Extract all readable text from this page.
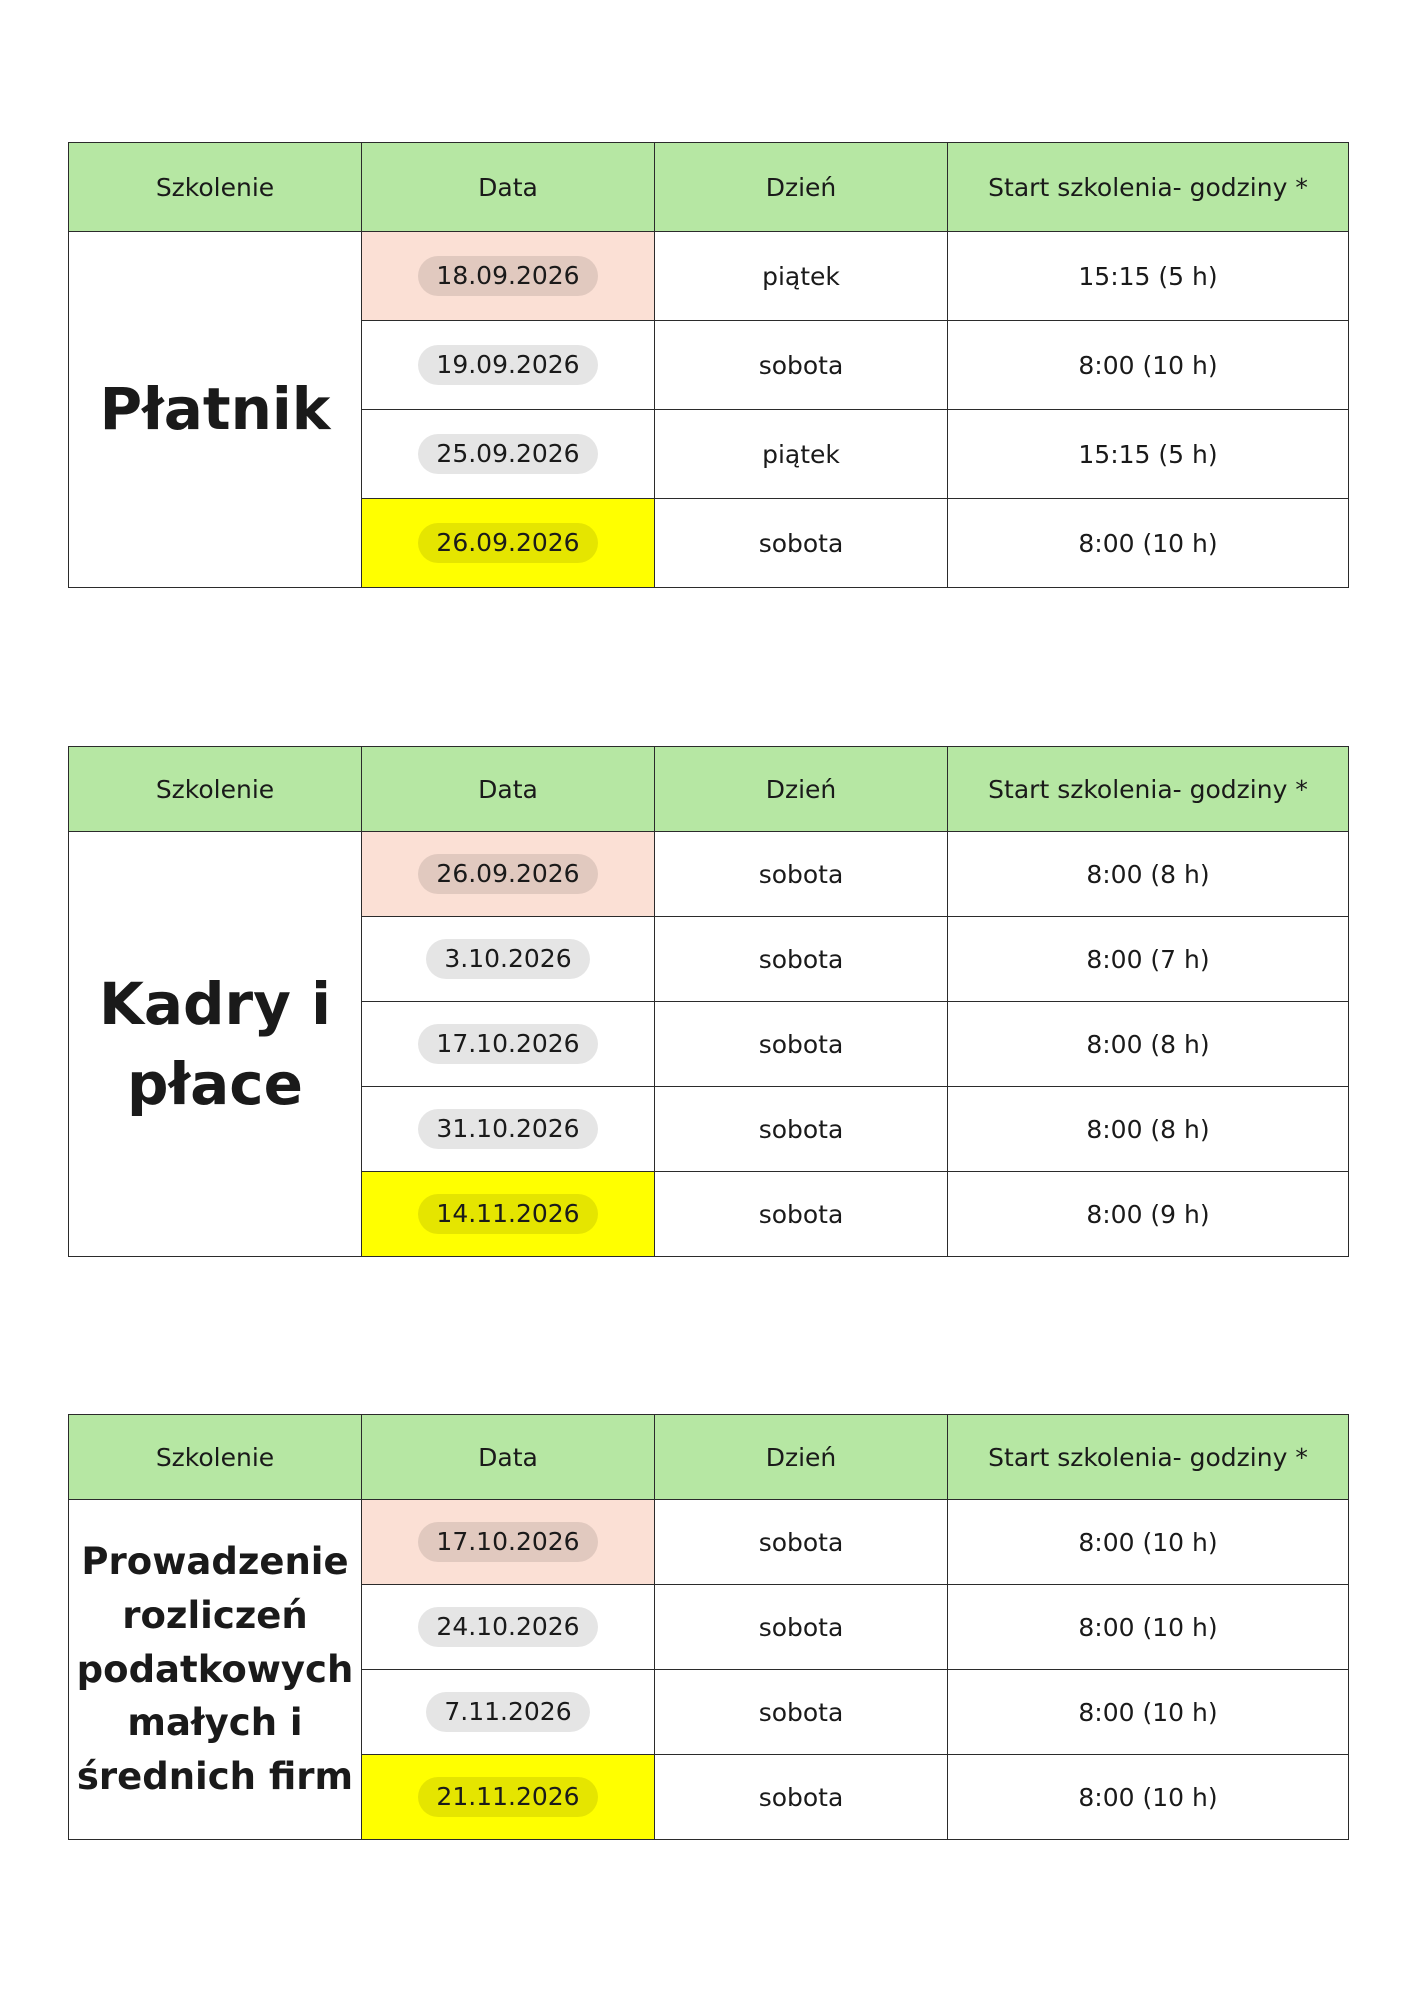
Szkolenie	Data	Dzień	Start szkolenia- godziny *
Płatnik	18.09.2026	piątek	15:15 (5 h)
	19.09.2026	sobota	8:00 (10 h)
	25.09.2026	piątek	15:15 (5 h)
	26.09.2026	sobota	8:00 (10 h)
Szkolenie	Data	Dzień	Start szkolenia- godziny *
Kadry i płace	26.09.2026	sobota	8:00 (8 h)
	3.10.2026	sobota	8:00 (7 h)
	17.10.2026	sobota	8:00 (8 h)
	31.10.2026	sobota	8:00 (8 h)
	14.11.2026	sobota	8:00 (9 h)
Szkolenie	Data	Dzień	Start szkolenia- godziny *
Prowadzenie rozliczeń podatkowych małych i średnich firm	17.10.2026	sobota	8:00 (10 h)
	24.10.2026	sobota	8:00 (10 h)
	7.11.2026	sobota	8:00 (10 h)
	21.11.2026	sobota	8:00 (10 h)
